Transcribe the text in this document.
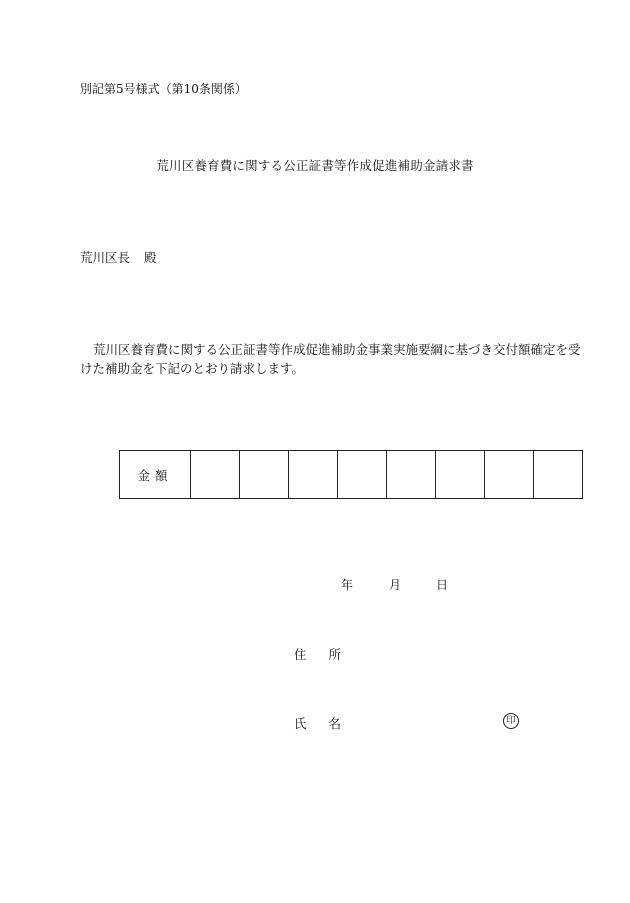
別記第5号様式（第10条関係）
荒川区養育費に関する公正証書等作成促進補助金請求書
荒川区長 殿
荒川区養育費に関する公正証書等作成促進補助金事業実施要綱に基づき交付額確定を受
けた補助金を下記のとおり請求します。
金額								
年	月	日
住所
氏名	印
